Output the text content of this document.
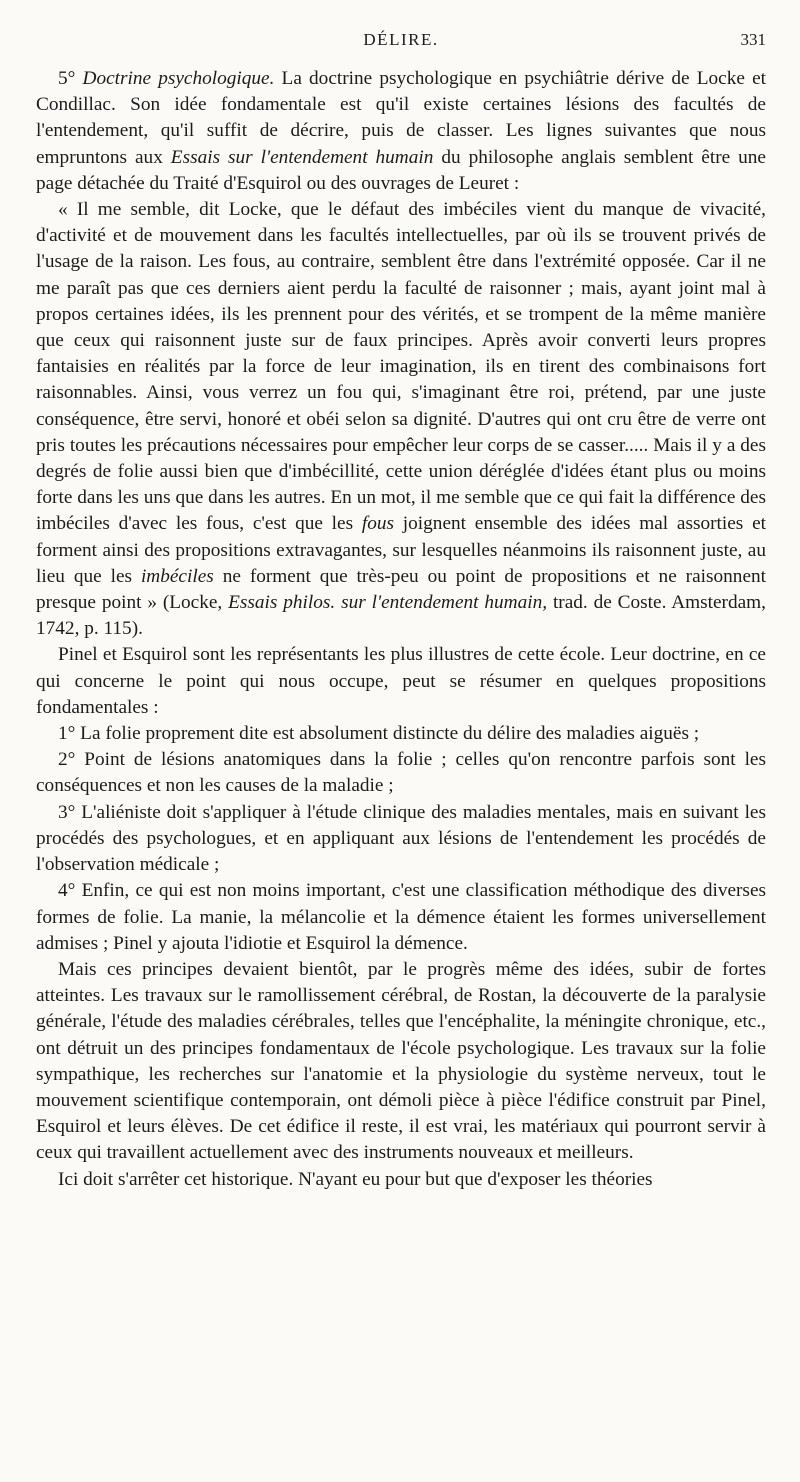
DÉLIRE.	331

5° Doctrine psychologique. La doctrine psychologique en psychiâtrie dérive de Locke et Condillac. Son idée fondamentale est qu'il existe certaines lésions des facultés de l'entendement, qu'il suffit de décrire, puis de classer. Les lignes suivantes que nous empruntons aux Essais sur l'entendement humain du philosophe anglais semblent être une page détachée du Traité d'Esquirol ou des ouvrages de Leuret :

« Il me semble, dit Locke, que le défaut des imbéciles vient du manque de vivacité, d'activité et de mouvement dans les facultés intellectuelles, par où ils se trouvent privés de l'usage de la raison. Les fous, au contraire, semblent être dans l'extrémité opposée. Car il ne me paraît pas que ces derniers aient perdu la faculté de raisonner ; mais, ayant joint mal à propos certaines idées, ils les prennent pour des vérités, et se trompent de la même manière que ceux qui raisonnent juste sur de faux principes. Après avoir converti leurs propres fantaisies en réalités par la force de leur imagination, ils en tirent des combinaisons fort raisonnables. Ainsi, vous verrez un fou qui, s'imaginant être roi, prétend, par une juste conséquence, être servi, honoré et obéi selon sa dignité. D'autres qui ont cru être de verre ont pris toutes les précautions nécessaires pour empêcher leur corps de se casser..... Mais il y a des degrés de folie aussi bien que d'imbécillité, cette union déréglée d'idées étant plus ou moins forte dans les uns que dans les autres. En un mot, il me semble que ce qui fait la différence des imbéciles d'avec les fous, c'est que les fous joignent ensemble des idées mal assorties et forment ainsi des propositions extravagantes, sur lesquelles néanmoins ils raisonnent juste, au lieu que les imbéciles ne forment que très-peu ou point de propositions et ne raisonnent presque point » (Locke, Essais philos. sur l'entendement humain, trad. de Coste. Amsterdam, 1742, p. 115).

Pinel et Esquirol sont les représentants les plus illustres de cette école. Leur doctrine, en ce qui concerne le point qui nous occupe, peut se résumer en quelques propositions fondamentales :

1° La folie proprement dite est absolument distincte du délire des maladies aiguës ;

2° Point de lésions anatomiques dans la folie ; celles qu'on rencontre parfois sont les conséquences et non les causes de la maladie ;

3° L'aliéniste doit s'appliquer à l'étude clinique des maladies mentales, mais en suivant les procédés des psychologues, et en appliquant aux lésions de l'entendement les procédés de l'observation médicale ;

4° Enfin, ce qui est non moins important, c'est une classification méthodique des diverses formes de folie. La manie, la mélancolie et la démence étaient les formes universellement admises ; Pinel y ajouta l'idiotie et Esquirol la démence.

Mais ces principes devaient bientôt, par le progrès même des idées, subir de fortes atteintes. Les travaux sur le ramollissement cérébral, de Rostan, la découverte de la paralysie générale, l'étude des maladies cérébrales, telles que l'encéphalite, la méningite chronique, etc., ont détruit un des principes fondamentaux de l'école psychologique. Les travaux sur la folie sympathique, les recherches sur l'anatomie et la physiologie du système nerveux, tout le mouvement scientifique contemporain, ont démoli pièce à pièce l'édifice construit par Pinel, Esquirol et leurs élèves. De cet édifice il reste, il est vrai, les matériaux qui pourront servir à ceux qui travaillent actuellement avec des instruments nouveaux et meilleurs.

Ici doit s'arrêter cet historique. N'ayant eu pour but que d'exposer les théories
